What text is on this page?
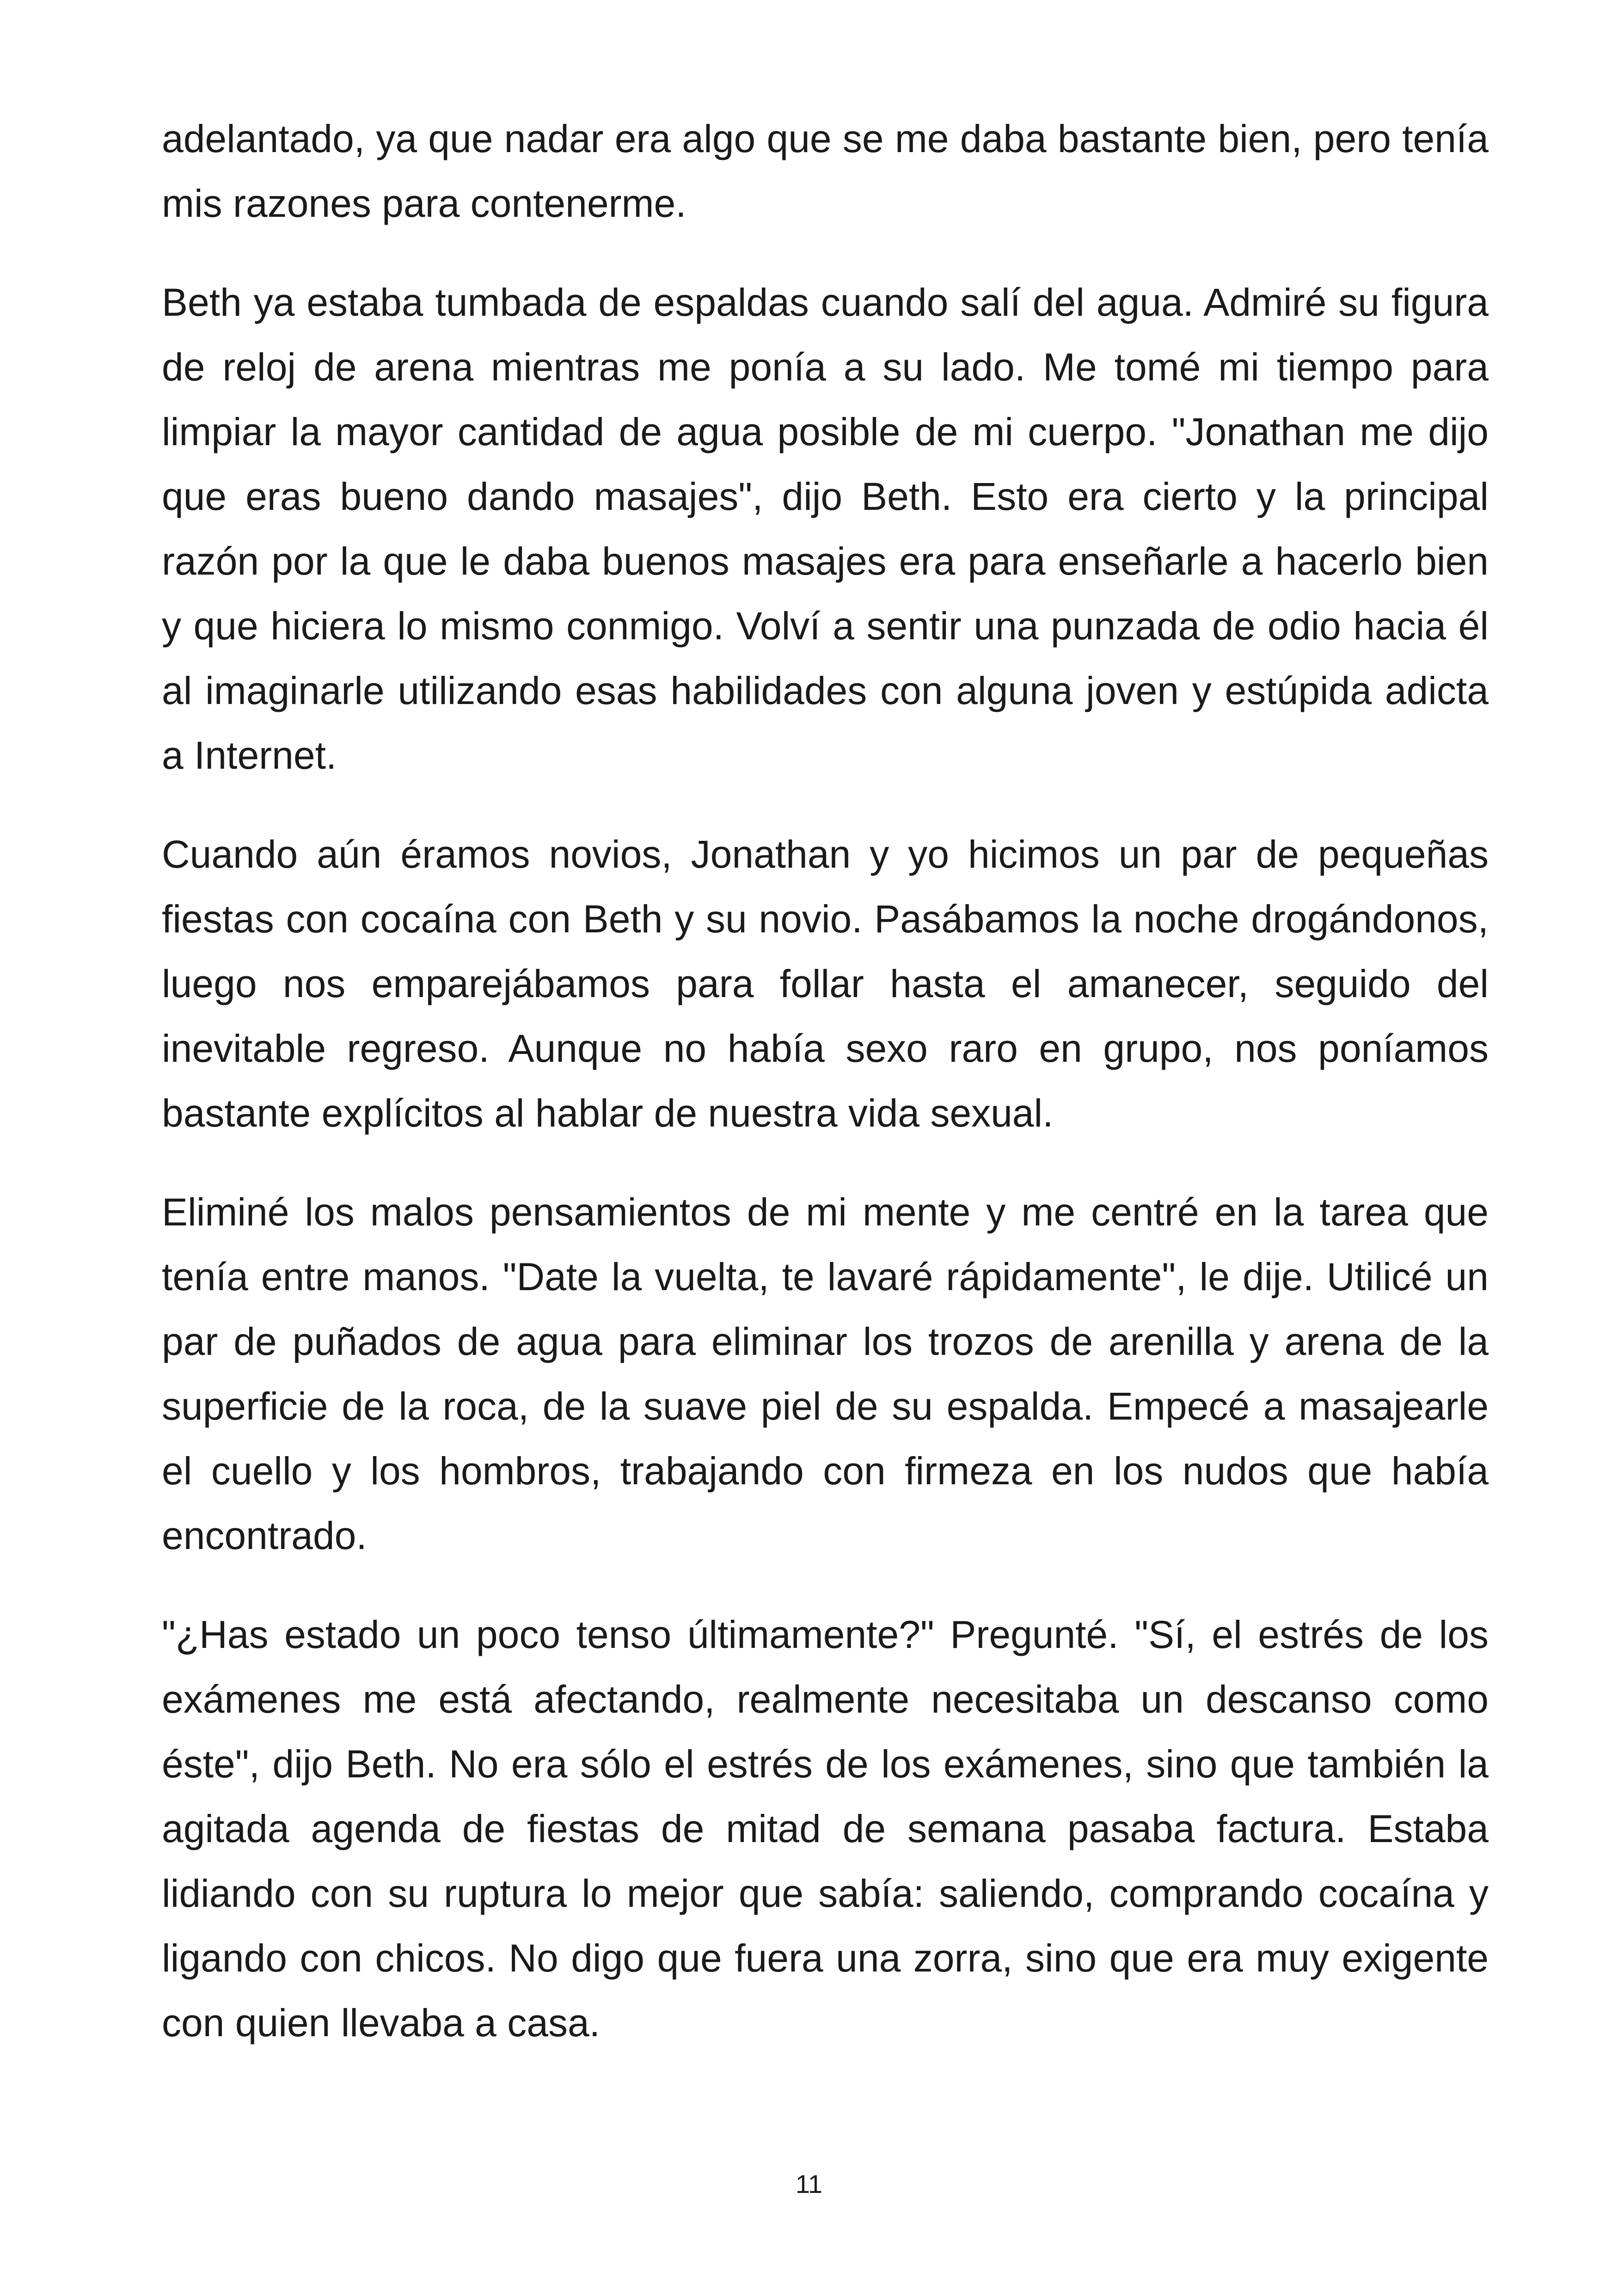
adelantado, ya que nadar era algo que se me daba bastante bien, pero tenía mis razones para contenerme.

Beth ya estaba tumbada de espaldas cuando salí del agua. Admiré su figura de reloj de arena mientras me ponía a su lado. Me tomé mi tiempo para limpiar la mayor cantidad de agua posible de mi cuerpo. "Jonathan me dijo que eras bueno dando masajes", dijo Beth. Esto era cierto y la principal razón por la que le daba buenos masajes era para enseñarle a hacerlo bien y que hiciera lo mismo conmigo. Volví a sentir una punzada de odio hacia él al imaginarle utilizando esas habilidades con alguna joven y estúpida adicta a Internet.

Cuando aún éramos novios, Jonathan y yo hicimos un par de pequeñas fiestas con cocaína con Beth y su novio. Pasábamos la noche drogándonos, luego nos emparejábamos para follar hasta el amanecer, seguido del inevitable regreso. Aunque no había sexo raro en grupo, nos poníamos bastante explícitos al hablar de nuestra vida sexual.

Eliminé los malos pensamientos de mi mente y me centré en la tarea que tenía entre manos. "Date la vuelta, te lavaré rápidamente", le dije. Utilicé un par de puñados de agua para eliminar los trozos de arenilla y arena de la superficie de la roca, de la suave piel de su espalda. Empecé a masajearle el cuello y los hombros, trabajando con firmeza en los nudos que había encontrado.

"¿Has estado un poco tenso últimamente?" Pregunté. "Sí, el estrés de los exámenes me está afectando, realmente necesitaba un descanso como éste", dijo Beth. No era sólo el estrés de los exámenes, sino que también la agitada agenda de fiestas de mitad de semana pasaba factura. Estaba lidiando con su ruptura lo mejor que sabía: saliendo, comprando cocaína y ligando con chicos. No digo que fuera una zorra, sino que era muy exigente con quien llevaba a casa.

11
